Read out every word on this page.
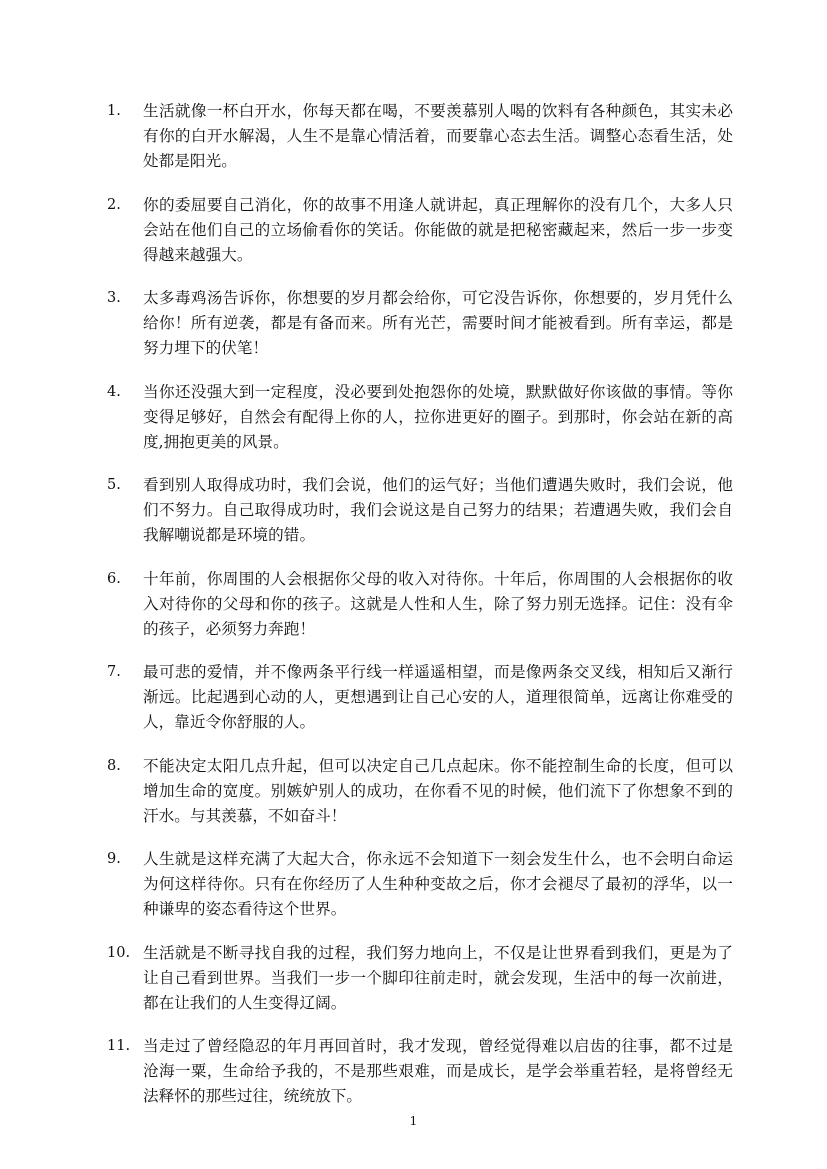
1.	生活就像一杯白开水，你每天都在喝，不要羡慕别人喝的饮料有各种颜色，其实未必有你的白开水解渴，人生不是靠心情活着，而要靠心态去生活。调整心态看生活，处处都是阳光。
2.	你的委屈要自己消化，你的故事不用逢人就讲起，真正理解你的没有几个，大多人只会站在他们自己的立场偷看你的笑话。你能做的就是把秘密藏起来，然后一步一步变得越来越强大。
3.	太多毒鸡汤告诉你，你想要的岁月都会给你，可它没告诉你，你想要的，岁月凭什么给你！所有逆袭，都是有备而来。所有光芒，需要时间才能被看到。所有幸运，都是努力埋下的伏笔！
4.	当你还没强大到一定程度，没必要到处抱怨你的处境，默默做好你该做的事情。等你变得足够好，自然会有配得上你的人，拉你进更好的圈子。到那时，你会站在新的高度,拥抱更美的风景。
5.	看到别人取得成功时，我们会说，他们的运气好；当他们遭遇失败时，我们会说，他们不努力。自己取得成功时，我们会说这是自己努力的结果；若遭遇失败，我们会自我解嘲说都是环境的错。
6.	十年前，你周围的人会根据你父母的收入对待你。十年后，你周围的人会根据你的收入对待你的父母和你的孩子。这就是人性和人生，除了努力别无选择。记住：没有伞的孩子，必须努力奔跑！
7.	最可悲的爱情，并不像两条平行线一样遥遥相望，而是像两条交叉线，相知后又渐行渐远。比起遇到心动的人，更想遇到让自己心安的人，道理很简单，远离让你难受的人，靠近令你舒服的人。
8.	不能决定太阳几点升起，但可以决定自己几点起床。你不能控制生命的长度，但可以增加生命的宽度。别嫉妒别人的成功，在你看不见的时候，他们流下了你想象不到的汗水。与其羡慕，不如奋斗！
9.	人生就是这样充满了大起大合，你永远不会知道下一刻会发生什么，也不会明白命运为何这样待你。只有在你经历了人生种种变故之后，你才会褪尽了最初的浮华，以一种谦卑的姿态看待这个世界。
10. 生活就是不断寻找自我的过程，我们努力地向上，不仅是让世界看到我们，更是为了让自己看到世界。当我们一步一个脚印往前走时，就会发现，生活中的每一次前进，都在让我们的人生变得辽阔。
11. 当走过了曾经隐忍的年月再回首时，我才发现，曾经觉得难以启齿的往事，都不过是沧海一粟，生命给予我的，不是那些艰难，而是成长，是学会举重若轻，是将曾经无法释怀的那些过往，统统放下。
1
